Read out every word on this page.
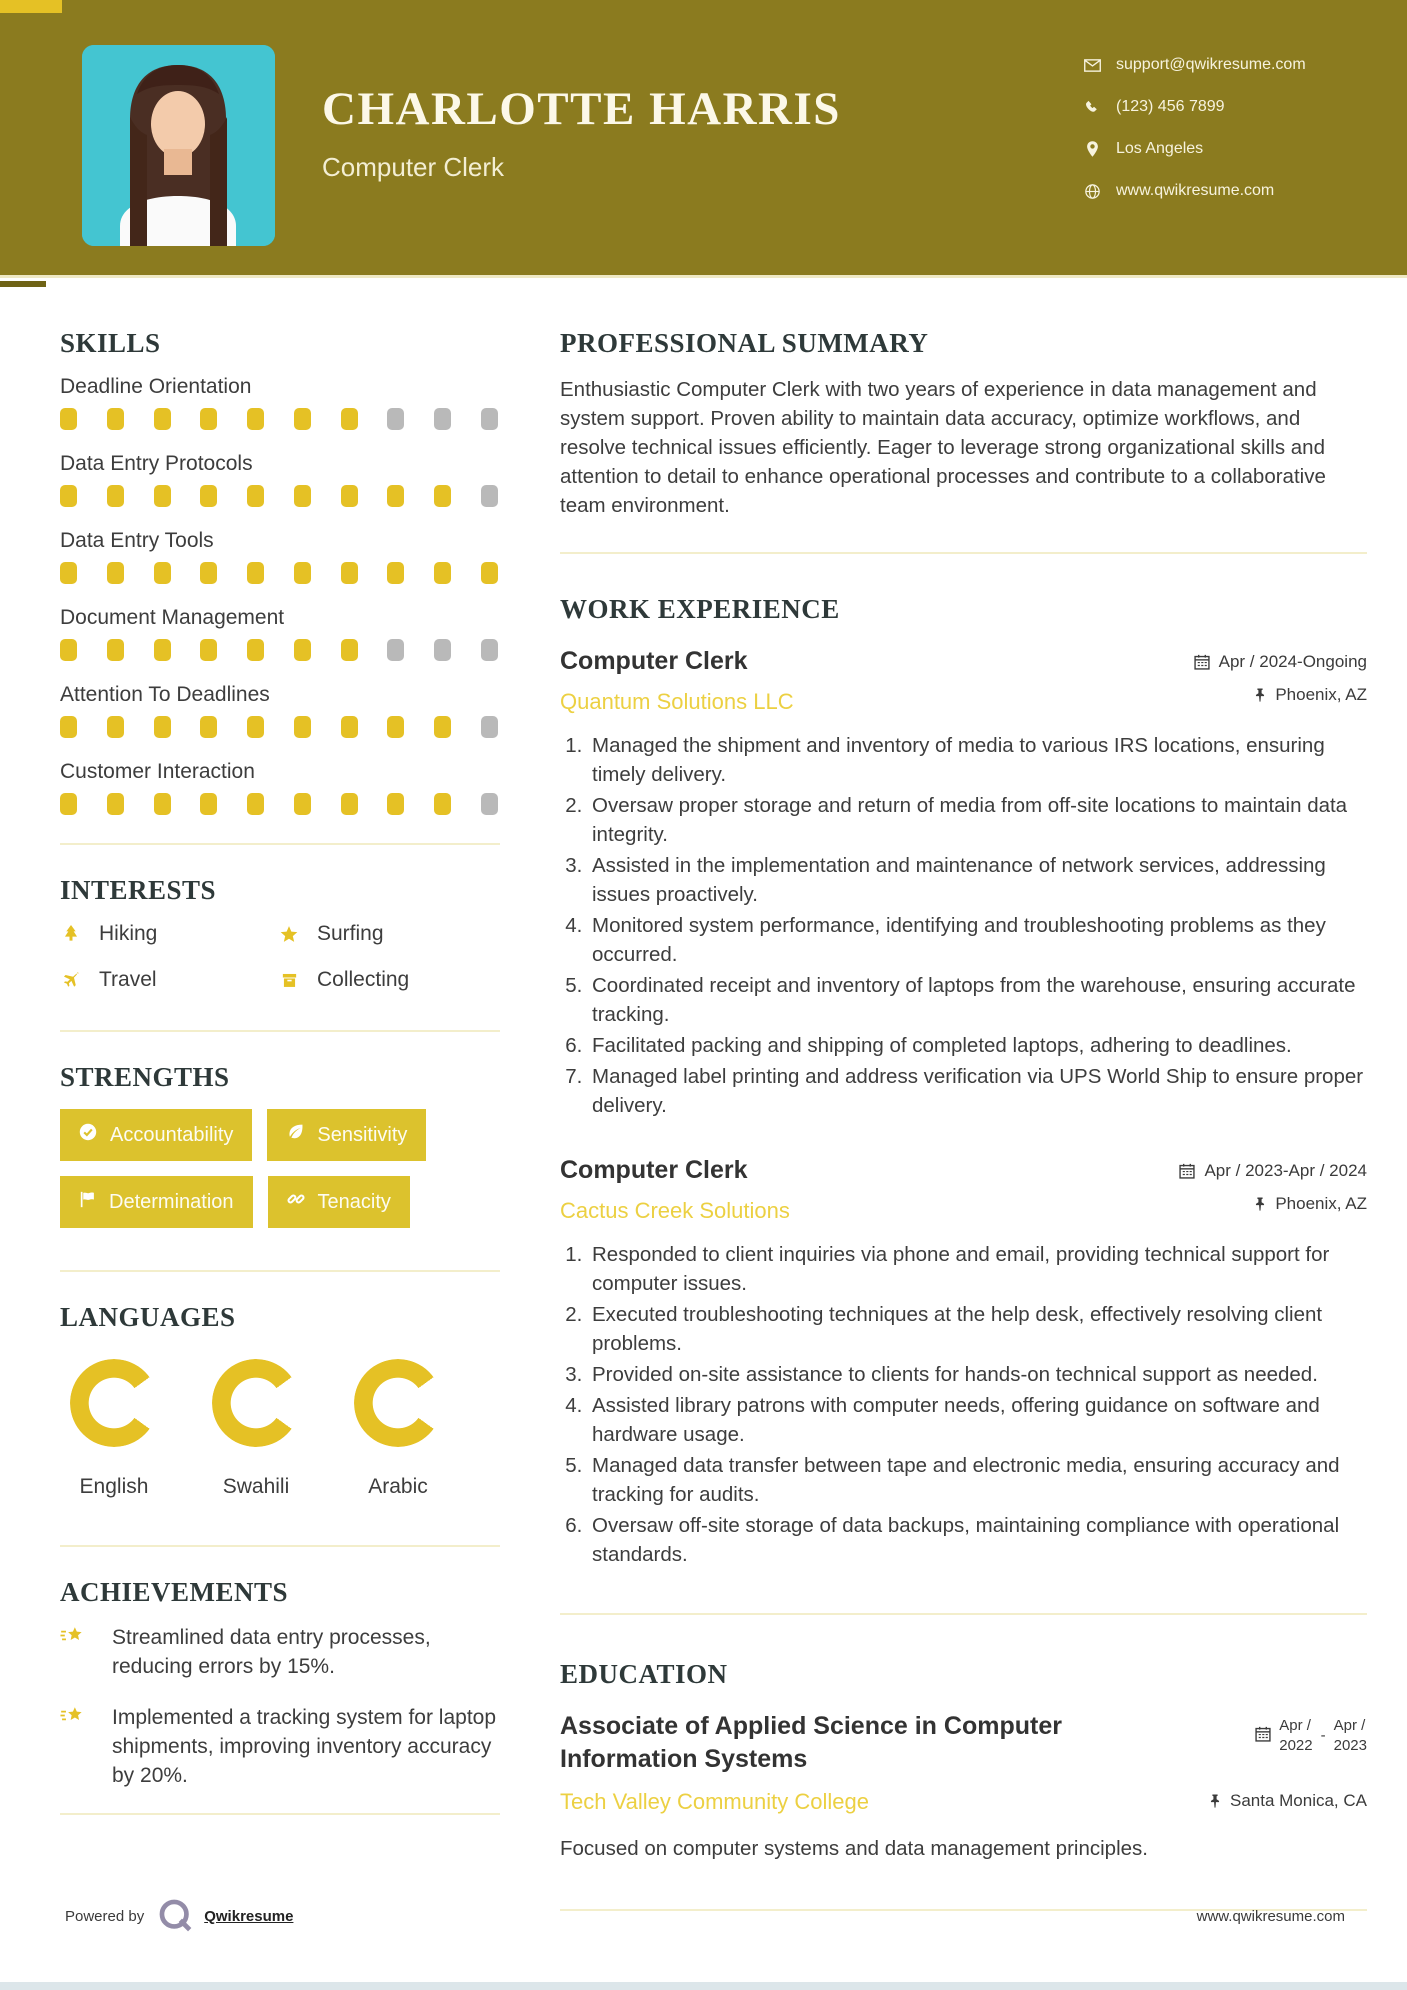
CHARLOTTE HARRIS
Computer Clerk
support@qwikresume.com
(123) 456 7899
Los Angeles
www.qwikresume.com
SKILLS
Deadline Orientation
Data Entry Protocols
Data Entry Tools
Document Management
Attention To Deadlines
Customer Interaction
INTERESTS
Hiking	Surfing
Travel	Collecting
STRENGTHS
Accountability	Sensitivity
Determination	Tenacity
LANGUAGES
English	Swahili	Arabic
ACHIEVEMENTS
Streamlined data entry processes, reducing errors by 15%.
Implemented a tracking system for laptop shipments, improving inventory accuracy by 20%.
PROFESSIONAL SUMMARY

Enthusiastic Computer Clerk with two years of experience in data management and system support. Proven ability to maintain data accuracy, optimize workflows, and resolve technical issues efficiently. Eager to leverage strong organizational skills and attention to detail to enhance operational processes and contribute to a collaborative team environment.

WORK EXPERIENCE
Computer Clerk
Quantum Solutions LLC
Apr / 2024-Ongoing
Phoenix, AZ
1. Managed the shipment and inventory of media to various IRS locations, ensuring timely delivery.
2. Oversaw proper storage and return of media from off-site locations to maintain data integrity.
3. Assisted in the implementation and maintenance of network services, addressing issues proactively.
4. Monitored system performance, identifying and troubleshooting problems as they occurred.
5. Coordinated receipt and inventory of laptops from the warehouse, ensuring accurate tracking.
6. Facilitated packing and shipping of completed laptops, adhering to deadlines.
7. Managed label printing and address verification via UPS World Ship to ensure proper delivery.
Computer Clerk
Cactus Creek Solutions
Apr / 2023-Apr / 2024
Phoenix, AZ
1. Responded to client inquiries via phone and email, providing technical support for computer issues.
2. Executed troubleshooting techniques at the help desk, effectively resolving client problems.
3. Provided on-site assistance to clients for hands-on technical support as needed.
4. Assisted library patrons with computer needs, offering guidance on software and hardware usage.
5. Managed data transfer between tape and electronic media, ensuring accuracy and tracking for audits.
6. Oversaw off-site storage of data backups, maintaining compliance with operational standards.
EDUCATION
Associate of Applied Science in Computer Information Systems
Apr /
2022
-
Apr /
2023
Tech Valley Community College	Santa Monica, CA

Focused on computer systems and data management principles.

Powered by	Qwikresume	www.qwikresume.com
